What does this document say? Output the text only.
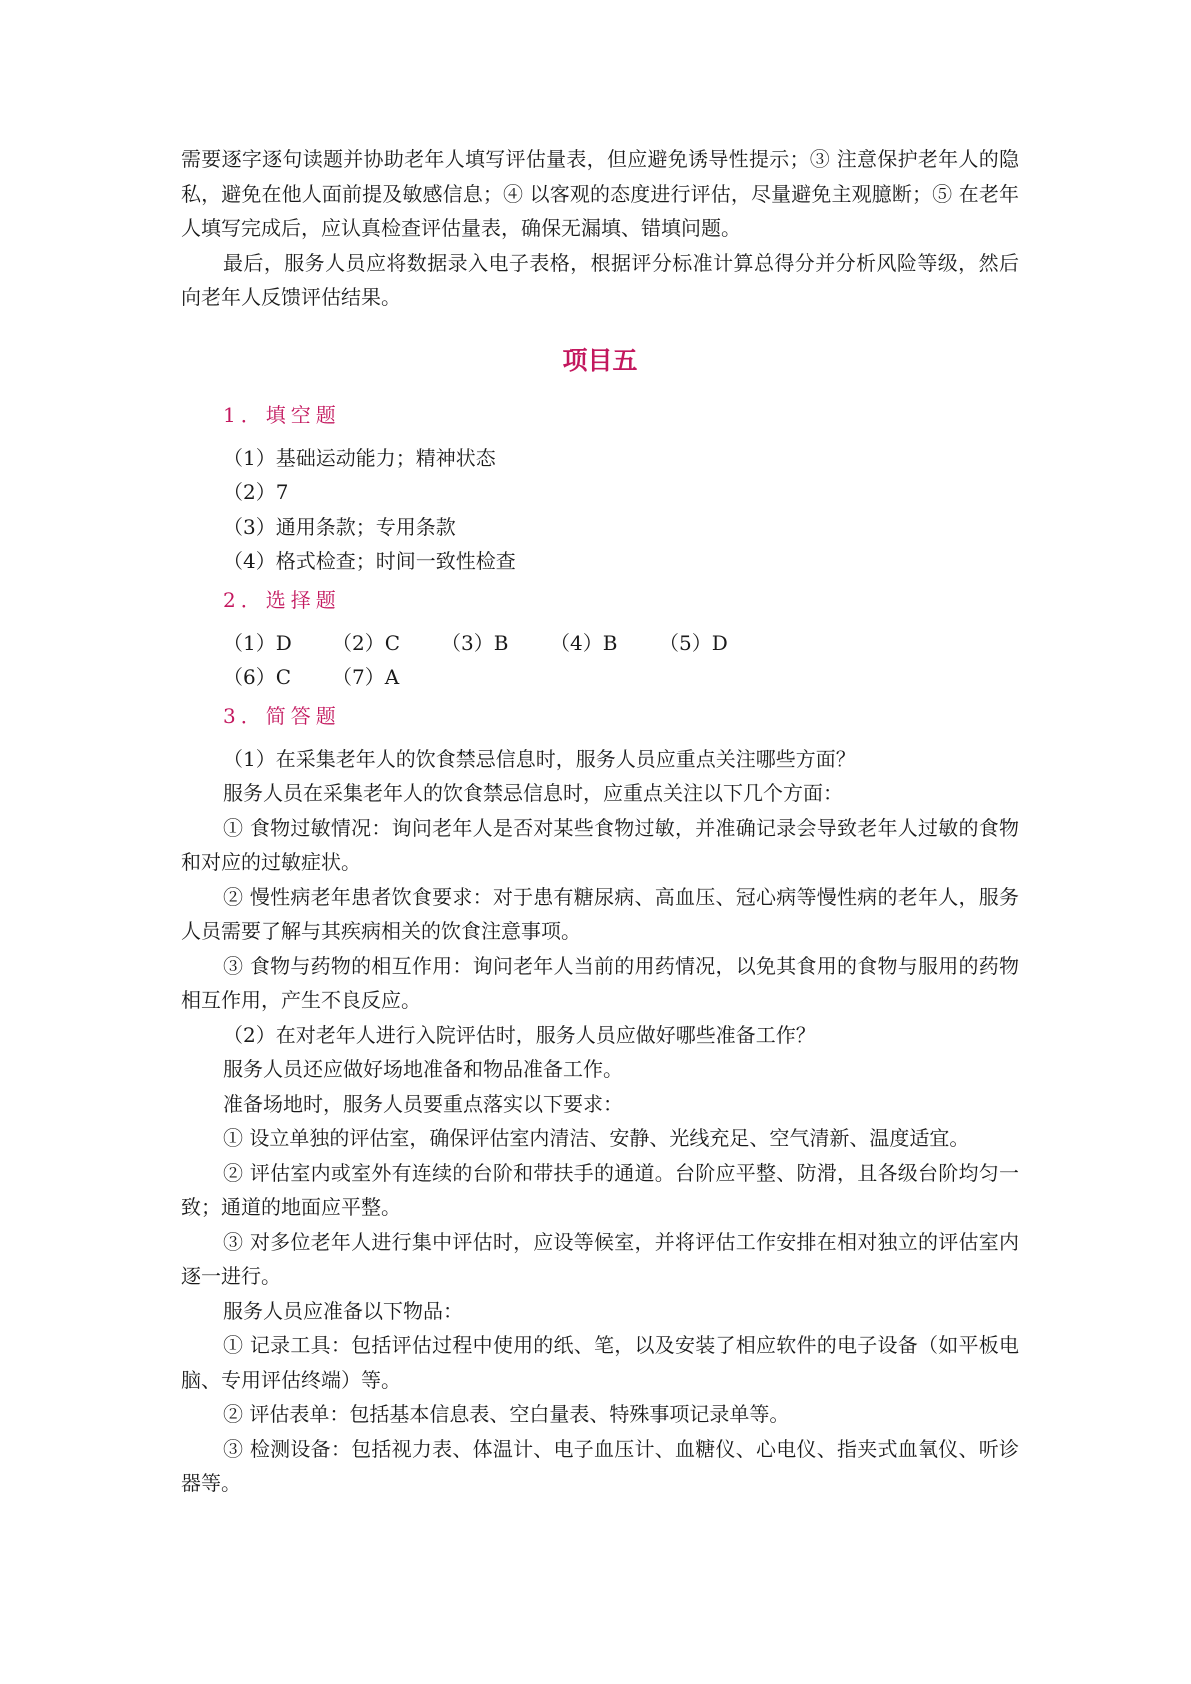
需要逐字逐句读题并协助老年人填写评估量表，但应避免诱导性提示；③ 注意保护老年人的隐私，避免在他人面前提及敏感信息；④ 以客观的态度进行评估，尽量避免主观臆断；⑤ 在老年人填写完成后，应认真检查评估量表，确保无漏填、错填问题。

最后，服务人员应将数据录入电子表格，根据评分标准计算总得分并分析风险等级，然后向老年人反馈评估结果。

项目五
1．填空题
（1）基础运动能力；精神状态
（2）7
（3）通用条款；专用条款
（4）格式检查；时间一致性检查
2．选择题
（1）D	（2）C	（3）B	（4）B	（5）D
（6）C	（7）A
3．简答题

（1）在采集老年人的饮食禁忌信息时，服务人员应重点关注哪些方面？

服务人员在采集老年人的饮食禁忌信息时，应重点关注以下几个方面：

① 食物过敏情况：询问老年人是否对某些食物过敏，并准确记录会导致老年人过敏的食物和对应的过敏症状。

② 慢性病老年患者饮食要求：对于患有糖尿病、高血压、冠心病等慢性病的老年人，服务人员需要了解与其疾病相关的饮食注意事项。

③ 食物与药物的相互作用：询问老年人当前的用药情况，以免其食用的食物与服用的药物相互作用，产生不良反应。

（2）在对老年人进行入院评估时，服务人员应做好哪些准备工作？

服务人员还应做好场地准备和物品准备工作。

准备场地时，服务人员要重点落实以下要求：

① 设立单独的评估室，确保评估室内清洁、安静、光线充足、空气清新、温度适宜。

② 评估室内或室外有连续的台阶和带扶手的通道。台阶应平整、防滑，且各级台阶均匀一致；通道的地面应平整。

③ 对多位老年人进行集中评估时，应设等候室，并将评估工作安排在相对独立的评估室内逐一进行。

服务人员应准备以下物品：

① 记录工具：包括评估过程中使用的纸、笔，以及安装了相应软件的电子设备（如平板电脑、专用评估终端）等。

② 评估表单：包括基本信息表、空白量表、特殊事项记录单等。

③ 检测设备：包括视力表、体温计、电子血压计、血糖仪、心电仪、指夹式血氧仪、听诊器等。
